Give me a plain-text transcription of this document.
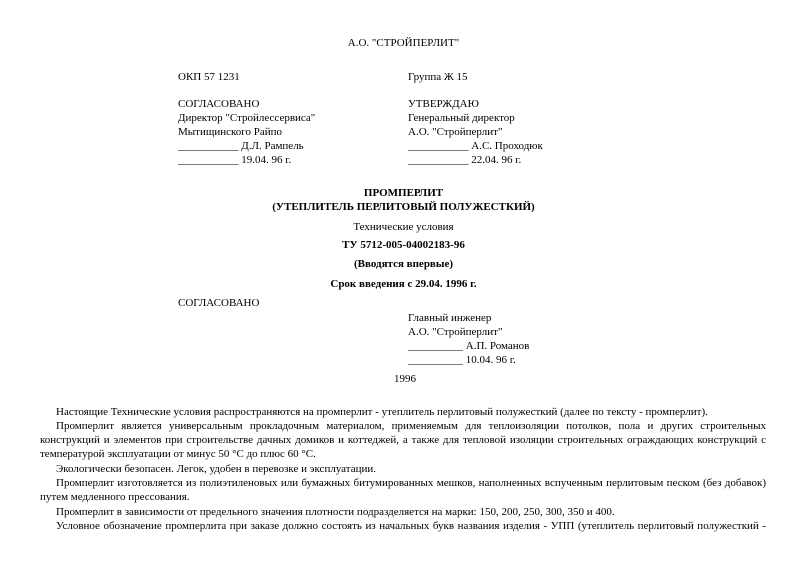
А.О. "СТРОЙПЕРЛИТ"
ОКП 57 1231	Группа Ж 15
СОГЛАСОВАНО
Директор "Стройлессервиса"
Мытищинского Райпо
___________ Д.Л. Рампель
___________ 19.04. 96 г.
УТВЕРЖДАЮ
Генеральный директор
А.О. "Стройперлит"
___________ А.С. Проходюк
___________ 22.04. 96 г.
ПРОМПЕРЛИТ
(УТЕПЛИТЕЛЬ ПЕРЛИТОВЫЙ ПОЛУЖЕСТКИЙ)
Технические условия
ТУ 5712-005-04002183-96
(Вводятся впервые)
Срок введения с 29.04. 1996 г.
СОГЛАСОВАНО
Главный инженер
А.О. "Стройперлит"
__________ А.П. Романов
__________ 10.04. 96 г.
1996
Настоящие Технические условия распространяются на промперлит - утеплитель перлитовый полужесткий (далее по тексту - промперлит).
Промперлит является универсальным прокладочным материалом, применяемым для теплоизоляции потолков, пола и других строительных конструкций и элементов при строительстве дачных домиков и коттеджей, а также для тепловой изоляции строительных ограждающих конструкций с температурой эксплуатации от минус 50 °С до плюс 60 °С.
Экологически безопасен. Легок, удобен в перевозке и эксплуатации.
Промперлит изготовляется из полиэтиленовых или бумажных битумированных мешков, наполненных вспученным перлитовым песком (без добавок) путем медленного прессования.
Промперлит в зависимости от предельного значения плотности подразделяется на марки: 150, 200, 250, 300, 350 и 400.
Условное обозначение промперлита при заказе должно состоять из начальных букв названия изделия - УПП (утеплитель перлитовый полужесткий -
